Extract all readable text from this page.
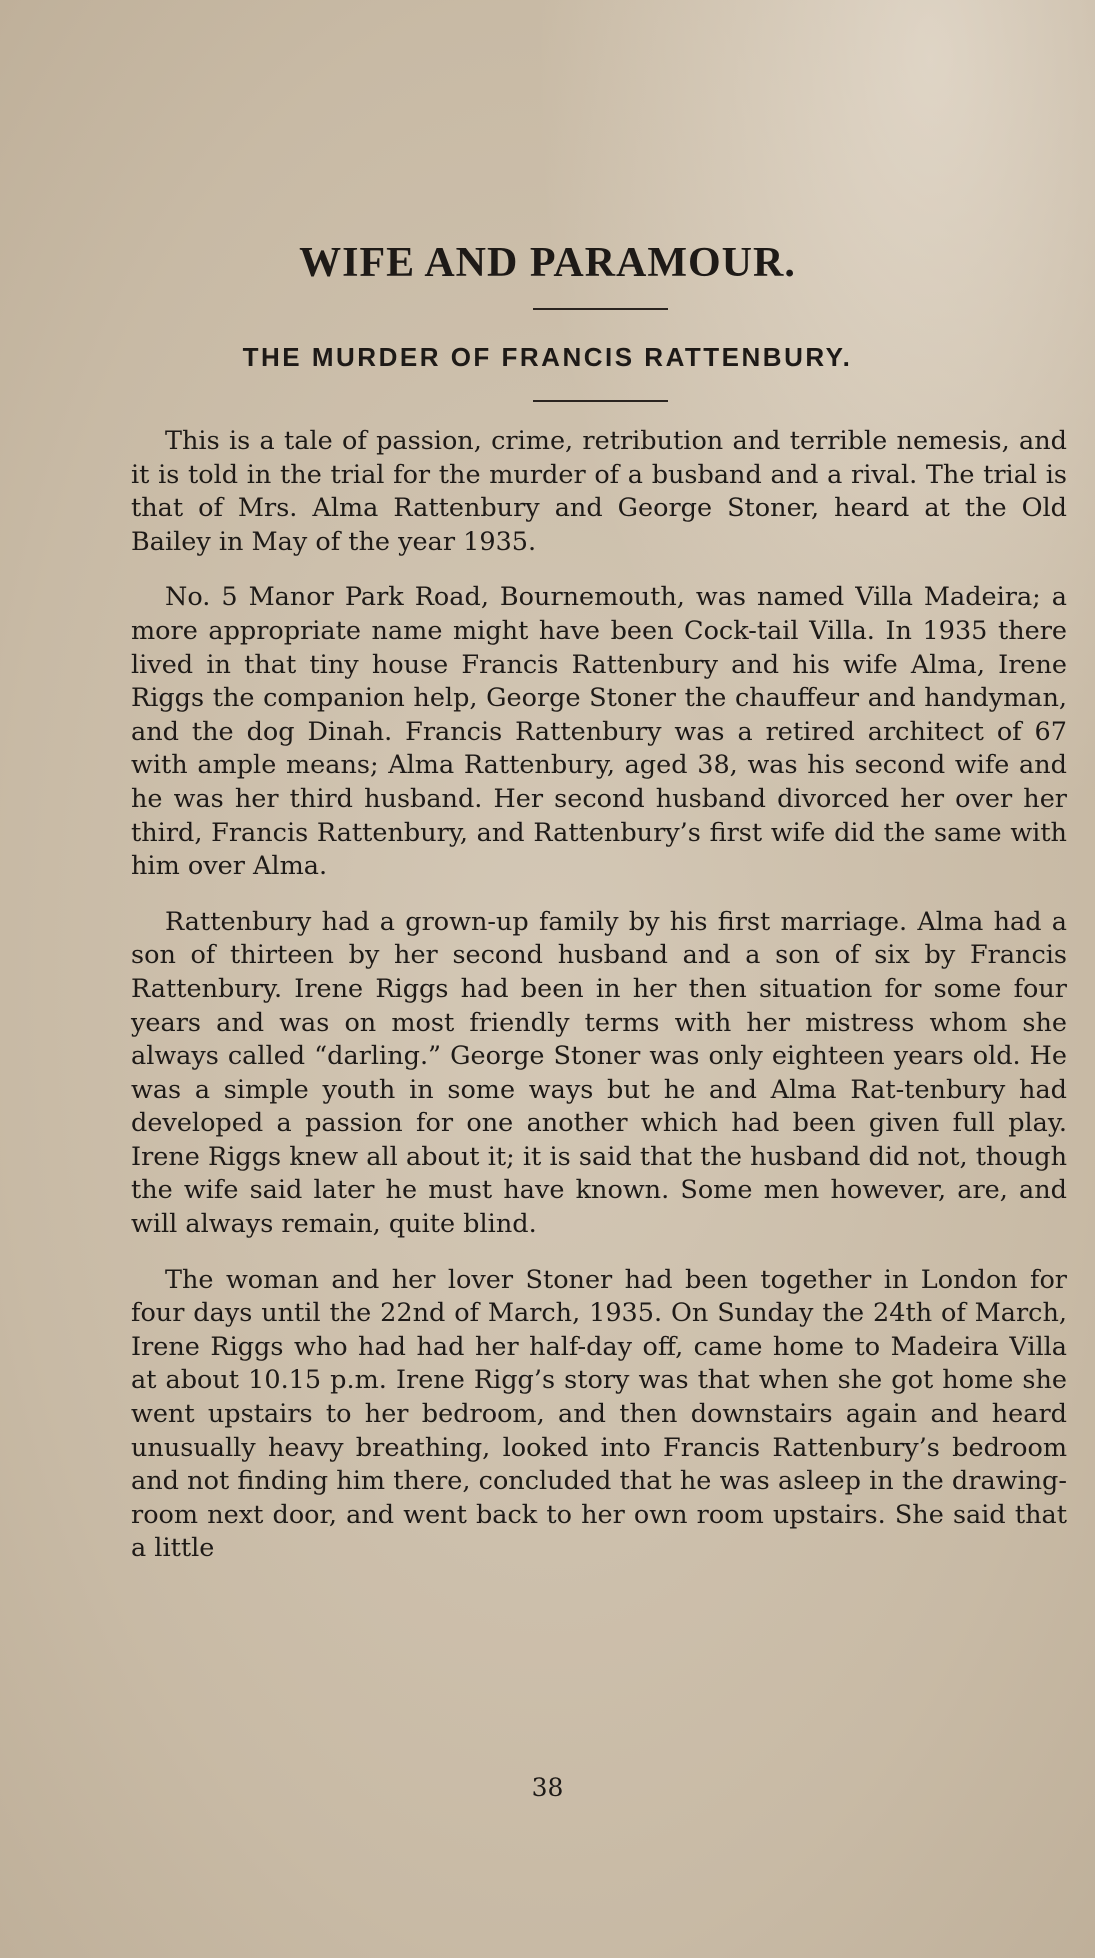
WIFE AND PARAMOUR.
THE MURDER OF FRANCIS RATTENBURY.

This is a tale of passion, crime, retribution and terrible nemesis, and it is told in the trial for the murder of a busband and a rival. The trial is that of Mrs. Alma Rattenbury and George Stoner, heard at the Old Bailey in May of the year 1935.

No. 5 Manor Park Road, Bournemouth, was named Villa Madeira; a more appropriate name might have been Cock-tail Villa. In 1935 there lived in that tiny house Francis Rattenbury and his wife Alma, Irene Riggs the companion help, George Stoner the chauffeur and handyman, and the dog Dinah. Francis Rattenbury was a retired architect of 67 with ample means; Alma Rattenbury, aged 38, was his second wife and he was her third husband. Her second husband divorced her over her third, Francis Rattenbury, and Rattenbury’s first wife did the same with him over Alma.

Rattenbury had a grown-up family by his first marriage. Alma had a son of thirteen by her second husband and a son of six by Francis Rattenbury. Irene Riggs had been in her then situation for some four years and was on most friendly terms with her mistress whom she always called “darling.” George Stoner was only eighteen years old. He was a simple youth in some ways but he and Alma Rat-tenbury had developed a passion for one another which had been given full play. Irene Riggs knew all about it; it is said that the husband did not, though the wife said later he must have known. Some men however, are, and will always remain, quite blind.

The woman and her lover Stoner had been together in London for four days until the 22nd of March, 1935. On Sunday the 24th of March, Irene Riggs who had had her half-day off, came home to Madeira Villa at about 10.15 p.m. Irene Rigg’s story was that when she got home she went upstairs to her bedroom, and then downstairs again and heard unusually heavy breathing, looked into Francis Rattenbury’s bedroom and not finding him there, concluded that he was asleep in the drawing-room next door, and went back to her own room upstairs. She said that a little

38
